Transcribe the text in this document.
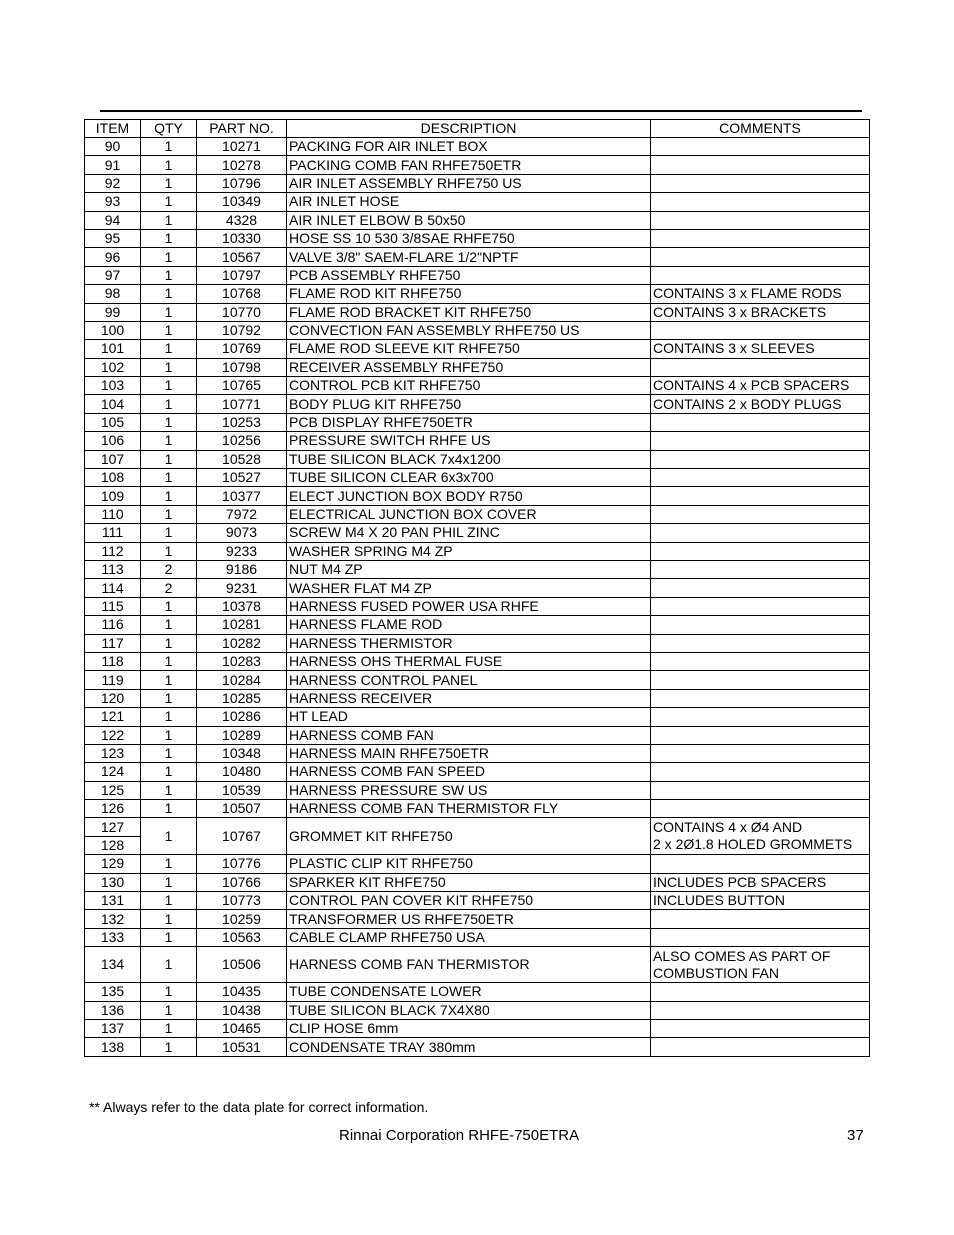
ITEM	QTY	PART NO.	DESCRIPTION	COMMENTS
90	1	10271	PACKING FOR AIR INLET BOX	
91	1	10278	PACKING COMB FAN RHFE750ETR	
92	1	10796	AIR INLET ASSEMBLY RHFE750 US	
93	1	10349	AIR INLET HOSE	
94	1	4328	AIR INLET ELBOW B 50x50	
95	1	10330	HOSE SS 10 530 3/8SAE RHFE750	
96	1	10567	VALVE 3/8" SAEM-FLARE 1/2"NPTF	
97	1	10797	PCB ASSEMBLY RHFE750	
98	1	10768	FLAME ROD KIT RHFE750	CONTAINS 3 x FLAME RODS
99	1	10770	FLAME ROD BRACKET KIT RHFE750	CONTAINS 3 x BRACKETS
100	1	10792	CONVECTION FAN ASSEMBLY RHFE750 US	
101	1	10769	FLAME ROD SLEEVE KIT RHFE750	CONTAINS 3 x SLEEVES
102	1	10798	RECEIVER ASSEMBLY RHFE750	
103	1	10765	CONTROL PCB KIT RHFE750	CONTAINS 4 x PCB SPACERS
104	1	10771	BODY PLUG KIT RHFE750	CONTAINS 2 x BODY PLUGS
105	1	10253	PCB DISPLAY RHFE750ETR	
106	1	10256	PRESSURE SWITCH RHFE US	
107	1	10528	TUBE SILICON BLACK 7x4x1200	
108	1	10527	TUBE SILICON CLEAR 6x3x700	
109	1	10377	ELECT JUNCTION BOX BODY R750	
110	1	7972	ELECTRICAL JUNCTION BOX COVER	
111	1	9073	SCREW M4 X 20 PAN PHIL ZINC	
112	1	9233	WASHER SPRING M4 ZP	
113	2	9186	NUT M4 ZP	
114	2	9231	WASHER FLAT M4 ZP	
115	1	10378	HARNESS FUSED POWER USA RHFE	
116	1	10281	HARNESS FLAME ROD	
117	1	10282	HARNESS THERMISTOR	
118	1	10283	HARNESS OHS THERMAL FUSE	
119	1	10284	HARNESS CONTROL PANEL	
120	1	10285	HARNESS RECEIVER	
121	1	10286	HT LEAD	
122	1	10289	HARNESS COMB FAN	
123	1	10348	HARNESS MAIN RHFE750ETR	
124	1	10480	HARNESS COMB FAN SPEED	
125	1	10539	HARNESS PRESSURE SW US	
126	1	10507	HARNESS COMB FAN THERMISTOR FLY	
127	1	10767	GROMMET KIT RHFE750	CONTAINS 4 x Ø4 AND
2 x 2Ø1.8 HOLED GROMMETS
128				
129	1	10776	PLASTIC CLIP KIT RHFE750	
130	1	10766	SPARKER KIT RHFE750	INCLUDES PCB SPACERS
131	1	10773	CONTROL PAN COVER KIT RHFE750	INCLUDES BUTTON
132	1	10259	TRANSFORMER US RHFE750ETR	
133	1	10563	CABLE CLAMP RHFE750 USA	
134	1	10506	HARNESS COMB FAN THERMISTOR	ALSO COMES AS PART OF
COMBUSTION FAN
135	1	10435	TUBE CONDENSATE LOWER	
136	1	10438	TUBE SILICON BLACK 7X4X80	
137	1	10465	CLIP HOSE 6mm	
138	1	10531	CONDENSATE TRAY 380mm	
** Always refer to the data plate for correct information.
Rinnai Corporation RHFE-750ETRA	37
